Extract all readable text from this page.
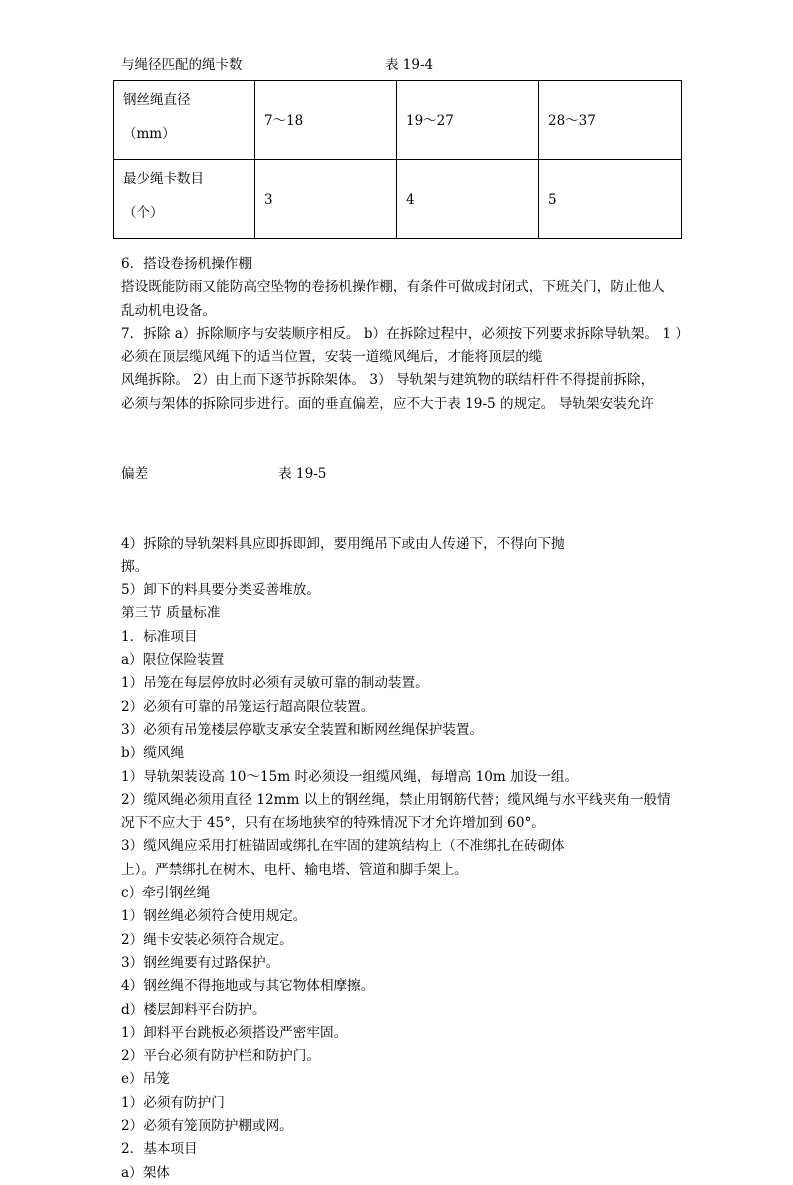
与绳径匹配的绳卡数	表 19-4
钢丝绳直径
（mm）	7～18	19～27	28～37

最少绳卡数目
（个）	3	4	5

6．搭设卷扬机操作棚

搭设既能防雨又能防高空坠物的卷扬机操作棚，有条件可做成封闭式，下班关门，防止他人

乱动机电设备。

7．拆除 a）拆除顺序与安装顺序相反。 b）在拆除过程中，必须按下列要求拆除导轨架。 1 ）

必须在顶层缆风绳下的适当位置，安装一道缆风绳后，才能将顶层的缆

风绳拆除。 2）由上而下逐节拆除架体。 3） 导轨架与建筑物的联结杆件不得提前拆除，

必须与架体的拆除同步进行。面的垂直偏差，应不大于表 19-5 的规定。 导轨架安装允许

偏差

	表 19-5

4）拆除的导轨架料具应即拆即卸，要用绳吊下或由人传递下，不得向下抛

掷。

5）卸下的料具要分类妥善堆放。

第三节 质量标准

1．标准项目

a）限位保险装置

1）吊笼在每层停放时必须有灵敏可靠的制动装置。

2）必须有可靠的吊笼运行超高限位装置。

3）必须有吊笼楼层停歇支承安全装置和断网丝绳保护装置。

b）缆风绳

1）导轨架装设高 10～15m 时必须设一组缆风绳，每增高 10m 加设一组。

2）缆风绳必须用直径 12mm 以上的钢丝绳，禁止用钢筋代替；缆风绳与水平线夹角一般情

况下不应大于 45°，只有在场地狭窄的特殊情况下才允许增加到 60°。

3）缆风绳应采用打桩锚固或绑扎在牢固的建筑结构上（不准绑扎在砖砌体

上）。严禁绑扎在树木、电杆、输电塔、管道和脚手架上。

c）牵引钢丝绳

1）钢丝绳必须符合使用规定。

2）绳卡安装必须符合规定。

3）钢丝绳要有过路保护。

4）钢丝绳不得拖地或与其它物体相摩擦。

d）楼层卸料平台防护。

1）卸料平台跳板必须搭设严密牢固。

2）平台必须有防护栏和防护门。

e）吊笼

1）必须有防护门

2）必须有笼顶防护棚或网。

2．基本项目

a）架体
